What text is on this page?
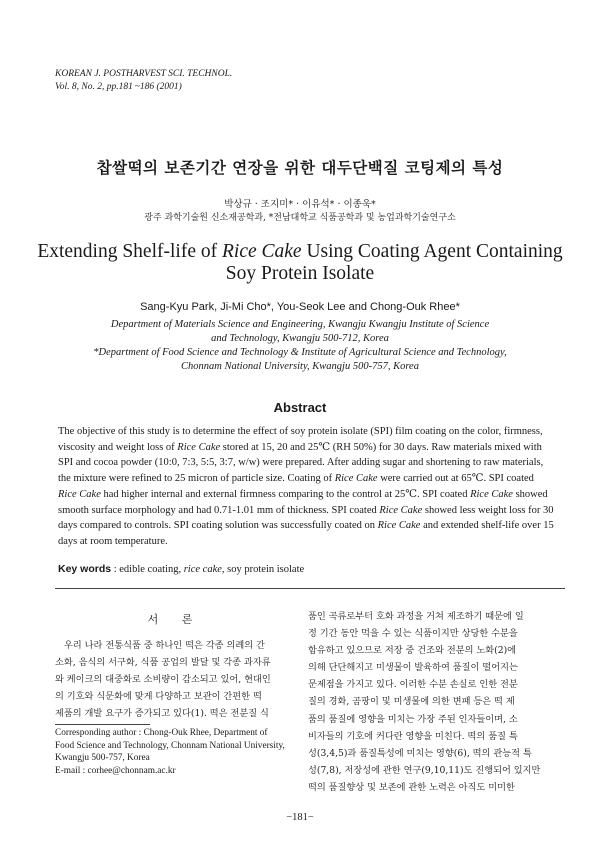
KOREAN J. POSTHARVEST SCI. TECHNOL.
Vol. 8, No. 2, pp.181 ~186 (2001)
찹쌀떡의 보존기간 연장을 위한 대두단백질 코팅제의 특성
박상규 · 조지미* · 이유석* · 이종욱*
광주 과학기술원 신소재공학과, *전남대학교 식품공학과 및 농업과학기술연구소
Extending Shelf-life of Rice Cake Using Coating Agent Containing
Soy Protein Isolate
Sang-Kyu Park, Ji-Mi Cho*, You-Seok Lee and Chong-Ouk Rhee*
Department of Materials Science and Engineering, Kwangju Kwangju Institute of Science
and Technology, Kwangju 500-712, Korea
*Department of Food Science and Technology & Institute of Agricultural Science and Technology,
Chonnam National University, Kwangju 500-757, Korea
Abstract
The objective of this study is to determine the effect of soy protein isolate (SPI) film coating on the color, firmness,
viscosity and weight loss of Rice Cake stored at 15, 20 and 25℃ (RH 50%) for 30 days. Raw materials mixed with
SPI and cocoa powder (10:0, 7:3, 5:5, 3:7, w/w) were prepared. After adding sugar and shortening to raw materials,
the mixture were refined to 25 micron of particle size. Coating of Rice Cake were carried out at 65℃. SPI coated
Rice Cake had higher internal and external firmness comparing to the control at 25℃. SPI coated Rice Cake showed
smooth surface morphology and had 0.71-1.01 mm of thickness. SPI coated Rice Cake showed less weight loss for 30
days compared to controls. SPI coating solution was successfully coated on Rice Cake and extended shelf-life over 15
days at room temperature.
Key words : edible coating, rice cake, soy protein isolate
서 론
우리 나라 전통식품 중 하나인 떡은 각종 의례의 간
소화, 음식의 서구화, 식품 공업의 발달 및 각종 과자류
와 케이크의 대중화로 소비량이 감소되고 있어, 현대인
의 기호와 식문화에 맞게 다양하고 보관이 간편한 떡
제품의 개발 요구가 증가되고 있다(1). 떡은 전분질 식
품인 곡류로부터 호화 과정을 거쳐 제조하기 때문에 일
정 기간 동안 먹을 수 있는 식품이지만 상당한 수분을
함유하고 있으므로 저장 중 건조와 전분의 노화(2)에
의해 단단해지고 미생물이 발육하여 품질이 떨어지는
문제점을 가지고 있다. 이러한 수분 손실로 인한 전분
질의 경화, 곰팡이 및 미생물에 의한 변패 등은 떡 제
품의 품질에 영향을 미치는 가장 주된 인자들이며, 소
비자들의 기호에 커다란 영향을 미친다. 떡의 품질 특
성(3,4,5)과 품질특성에 미치는 영향(6), 떡의 관능적 특
성(7,8), 저장성에 관한 연구(9,10,11)도 진행되어 있지만
떡의 품질향상 및 보존에 관한 노력은 아직도 미미한
Corresponding author : Chong-Ouk Rhee, Department of
Food Science and Technology, Chonnam National University,
Kwangju 500-757, Korea
E-mail : corhee@chonnam.ac.kr
−181−
